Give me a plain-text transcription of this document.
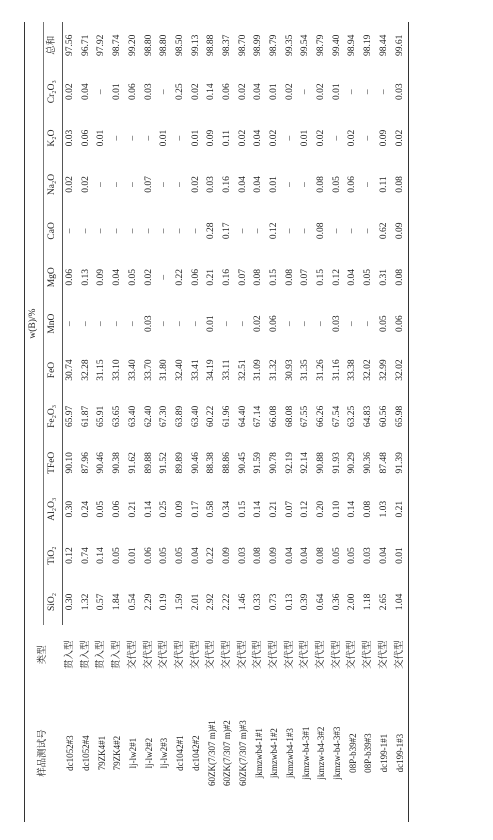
样品测试号	类型	w(B)/%												
		SiO₂	TiO₂	Al₂O₃	TFeO	Fe₂O₃	FeO	MnO	MgO	CaO	Na₂O	K₂O	Cr₂O₃	总和
dc1052#3	贯入型	0.30	0.12	0.30	90.10	65.97	30.74	–	0.06	–	0.02	0.03	0.02	97.56
dc1052#4	贯入型	1.32	0.74	0.24	87.96	61.87	32.28	–	0.13	–	0.02	0.06	0.04	96.71
79ZK4#1	贯入型	0.57	0.14	0.05	90.46	65.91	31.15	–	0.09	–	–	0.01	–	97.92
79ZK4#2	贯入型	1.84	0.05	0.06	90.38	63.65	33.10	–	0.04	–	–	–	0.01	98.74
lj-lw2#1	交代型	0.54	0.01	0.21	91.62	63.40	33.40	–	0.05	–	–	–	0.06	99.20
lj-lw2#2	交代型	2.29	0.06	0.14	89.88	62.40	33.70	0.03	0.02	–	0.07	–	0.03	98.80
lj-lw2#3	交代型	0.19	0.05	0.25	91.52	67.30	31.80	–	–	–	–	0.01	–	98.80
dc1042#1	交代型	1.59	0.05	0.09	89.89	63.89	32.40	–	0.22	–	–	–	0.25	98.50
dc1042#2	交代型	2.01	0.04	0.17	90.46	63.40	33.41	–	0.06	–	0.02	0.01	0.02	99.13
60ZK(7/307 m)#1	交代型	2.92	0.22	0.58	88.38	60.22	34.19	0.01	0.21	0.28	0.03	0.09	0.14	98.88
60ZK(7/307 m)#2	交代型	2.22	0.09	0.34	88.86	61.96	33.11	–	0.16	0.17	0.16	0.11	0.06	98.37
60ZK(7/307 m)#3	交代型	1.46	0.03	0.15	90.45	64.40	32.51	–	0.07	–	0.04	0.02	0.02	98.70
jkmzwb4-1#1	交代型	0.33	0.08	0.14	91.59	67.14	31.09	0.02	0.08	–	0.04	0.04	0.04	98.99
jkmzwb4-1#2	交代型	0.73	0.09	0.21	90.78	66.08	31.32	0.06	0.15	0.12	0.01	0.02	0.01	98.79
jkmzwb4-1#3	交代型	0.13	0.04	0.07	92.19	68.08	30.93	–	0.08	–	–	–	0.02	99.35
jkmzw-b4-3#1	交代型	0.39	0.04	0.12	92.14	67.55	31.35	–	0.07	–	–	0.01	–	99.54
jkmzw-b4-3#2	交代型	0.64	0.08	0.20	90.88	66.26	31.26	–	0.15	0.08	0.08	0.02	0.02	98.79
jkmzw-b4-3#3	交代型	0.36	0.05	0.10	91.93	67.54	31.16	0.03	0.12	–	0.05	–	0.01	99.40
08P-b39#2	交代型	2.00	0.05	0.14	90.29	63.25	33.38	–	0.04	–	0.06	0.02	–	98.94
08P-b39#3	交代型	1.18	0.03	0.08	90.36	64.83	32.02	–	0.05	–	–	–	–	98.19
dc199-1#1	交代型	2.65	0.04	1.03	87.48	60.56	32.99	0.05	0.31	0.62	0.11	0.09	–	98.44
dc199-1#3	交代型	1.04	0.01	0.21	91.39	65.98	32.02	0.06	0.08	0.09	0.08	0.02	0.03	99.61
